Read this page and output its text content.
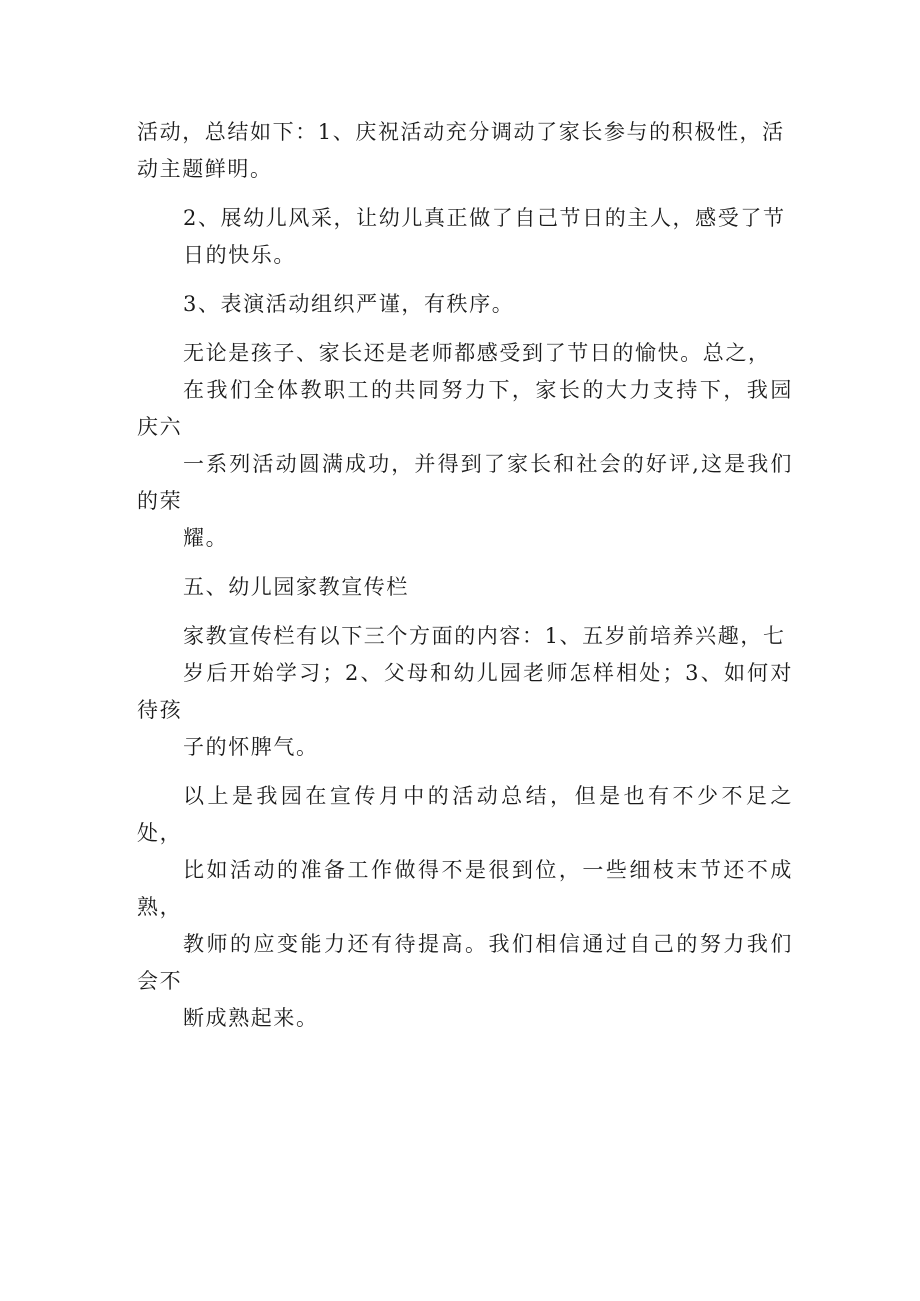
活动，总结如下：1、庆祝活动充分调动了家长参与的积极性，活
动主题鲜明。

2、展幼儿风采，让幼儿真正做了自己节日的主人，感受了节
日的快乐。

3、表演活动组织严谨，有秩序。

无论是孩子、家长还是老师都感受到了节日的愉快。总之，
在我们全体教职工的共同努力下，家长的大力支持下，我园庆六
一系列活动圆满成功，并得到了家长和社会的好评,这是我们的荣
耀。

五、幼儿园家教宣传栏

家教宣传栏有以下三个方面的内容：1、五岁前培养兴趣，七
岁后开始学习；2、父母和幼儿园老师怎样相处；3、如何对待孩
子的怀脾气。

以上是我园在宣传月中的活动总结，但是也有不少不足之处，
比如活动的准备工作做得不是很到位，一些细枝末节还不成熟，
教师的应变能力还有待提高。我们相信通过自己的努力我们会不
断成熟起来。
